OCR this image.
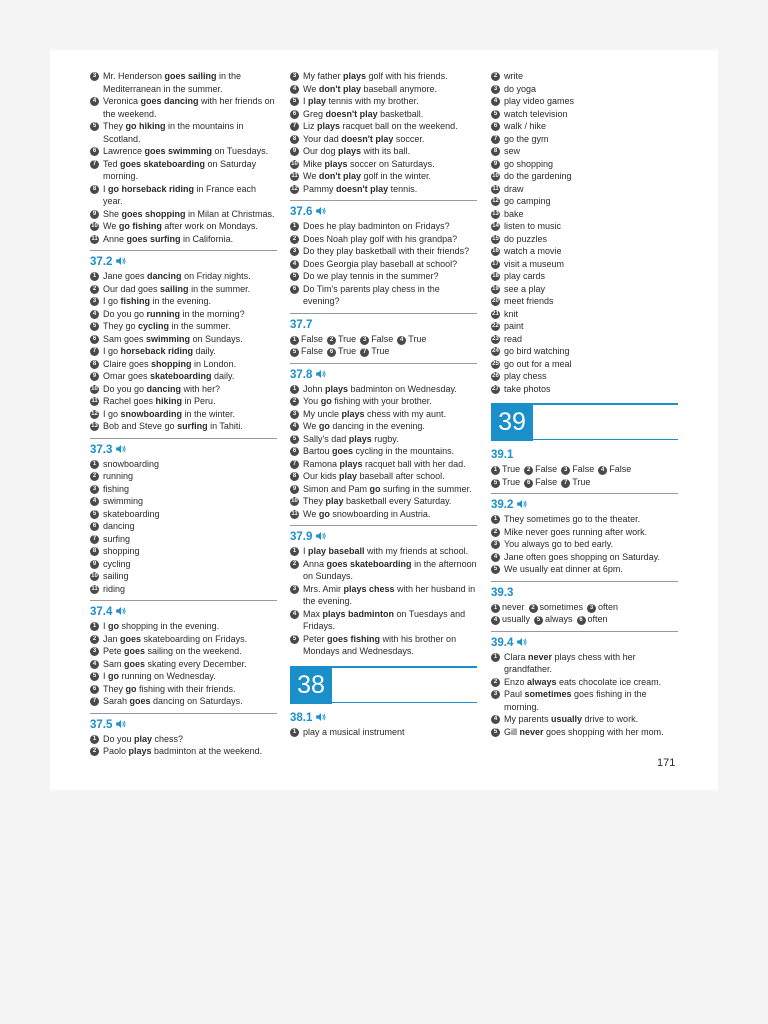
3 Mr. Henderson goes sailing in the Mediterranean in the summer.
4 Veronica goes dancing with her friends on the weekend.
5 They go hiking in the mountains in Scotland.
6 Lawrence goes swimming on Tuesdays.
7 Ted goes skateboarding on Saturday morning.
8 I go horseback riding in France each year.
9 She goes shopping in Milan at Christmas.
10 We go fishing after work on Mondays.
11 Anne goes surfing in California.
37.2
1 Jane goes dancing on Friday nights.
2 Our dad goes sailing in the summer.
3 I go fishing in the evening.
4 Do you go running in the morning?
5 They go cycling in the summer.
6 Sam goes swimming on Sundays.
7 I go horseback riding daily.
8 Claire goes shopping in London.
9 Omar goes skateboarding daily.
10 Do you go dancing with her?
11 Rachel goes hiking in Peru.
12 I go snowboarding in the winter.
13 Bob and Steve go surfing in Tahiti.
37.3
1 snowboarding
2 running
3 fishing
4 swimming
5 skateboarding
6 dancing
7 surfing
8 shopping
9 cycling
10 sailing
11 riding
37.4
1 I go shopping in the evening.
2 Jan goes skateboarding on Fridays.
3 Pete goes sailing on the weekend.
4 Sam goes skating every December.
5 I go running on Wednesday.
6 They go fishing with their friends.
7 Sarah goes dancing on Saturdays.
37.5
1 Do you play chess?
2 Paolo plays badminton at the weekend.
3 My father plays golf with his friends.
4 We don't play baseball anymore.
5 I play tennis with my brother.
6 Greg doesn't play basketball.
7 Liz plays racquet ball on the weekend.
8 Your dad doesn't play soccer.
9 Our dog plays with its ball.
10 Mike plays soccer on Saturdays.
11 We don't play golf in the winter.
12 Pammy doesn't play tennis.
37.6
1 Does he play badminton on Fridays?
2 Does Noah play golf with his grandpa?
3 Do they play basketball with their friends?
4 Does Georgia play baseball at school?
5 Do we play tennis in the summer?
6 Do Tim's parents play chess in the evening?
37.7
1 False 2 True 3 False 4 True
5 False 6 True 7 True
37.8
1 John plays badminton on Wednesday.
2 You go fishing with your brother.
3 My uncle plays chess with my aunt.
4 We go dancing in the evening.
5 Sally's dad plays rugby.
6 Bartou goes cycling in the mountains.
7 Ramona plays racquet ball with her dad.
8 Our kids play baseball after school.
9 Simon and Pam go surfing in the summer.
10 They play basketball every Saturday.
11 We go snowboarding in Austria.
37.9
1 I play baseball with my friends at school.
2 Anna goes skateboarding in the afternoon on Sundays.
3 Mrs. Amir plays chess with her husband in the evening.
4 Max plays badminton on Tuesdays and Fridays.
5 Peter goes fishing with his brother on Mondays and Wednesdays.
38
38.1
1 play a musical instrument
2 write
3 do yoga
4 play video games
5 watch television
6 walk / hike
7 go the gym
8 sew
9 go shopping
10 do the gardening
11 draw
12 go camping
13 bake
14 listen to music
15 do puzzles
16 watch a movie
17 visit a museum
18 play cards
19 see a play
20 meet friends
21 knit
22 paint
23 read
24 go bird watching
25 go out for a meal
26 play chess
27 take photos
39
39.1
1 True 2 False 3 False 4 False
5 True 6 False 7 True
39.2
1 They sometimes go to the theater.
2 Mike never goes running after work.
3 You always go to bed early.
4 Jane often goes shopping on Saturday.
5 We usually eat dinner at 6pm.
39.3
1 never 2 sometimes 3 often
4 usually 5 always 6 often
39.4
1 Clara never plays chess with her grandfather.
2 Enzo always eats chocolate ice cream.
3 Paul sometimes goes fishing in the morning.
4 My parents usually drive to work.
5 Gill never goes shopping with her mom.
171
